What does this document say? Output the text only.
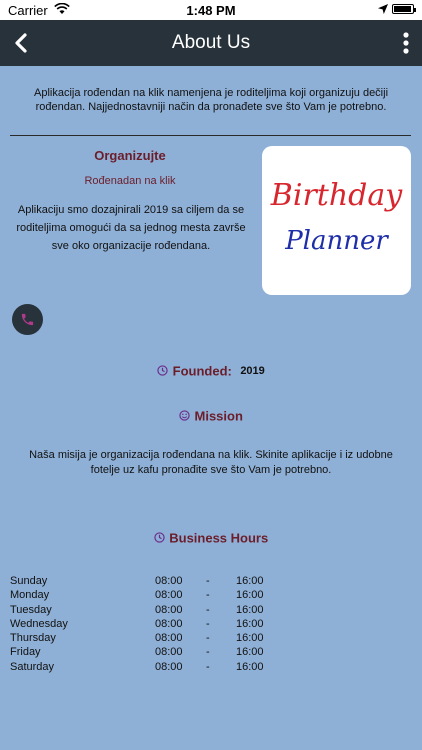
Carrier	1:48 PM
About Us
Aplikacija rođendan na klik namenjena je roditeljima koji organizuju dečiji rođendan. Najjednostavniji način da pronađete sve što Vam je potrebno.
Organizujte
Rođenadan na klik
Aplikaciju smo dozajnirali 2019 sa ciljem da se roditeljima omogući da sa jednog mesta završe sve oko organizacije rođendana.
Birthday
Planner
Founded: 2019
Mission
Naša misija je organizacija rođendana na klik. Skinite aplikacije i iz udobne fotelje uz kafu pronađite sve što Vam je potrebno.
Business Hours
Sunday	08:00 - 16:00
Monday	08:00 - 16:00
Tuesday	08:00 - 16:00
Wednesday	08:00 - 16:00
Thursday	08:00 - 16:00
Friday	08:00 - 16:00
Saturday	08:00 - 16:00
